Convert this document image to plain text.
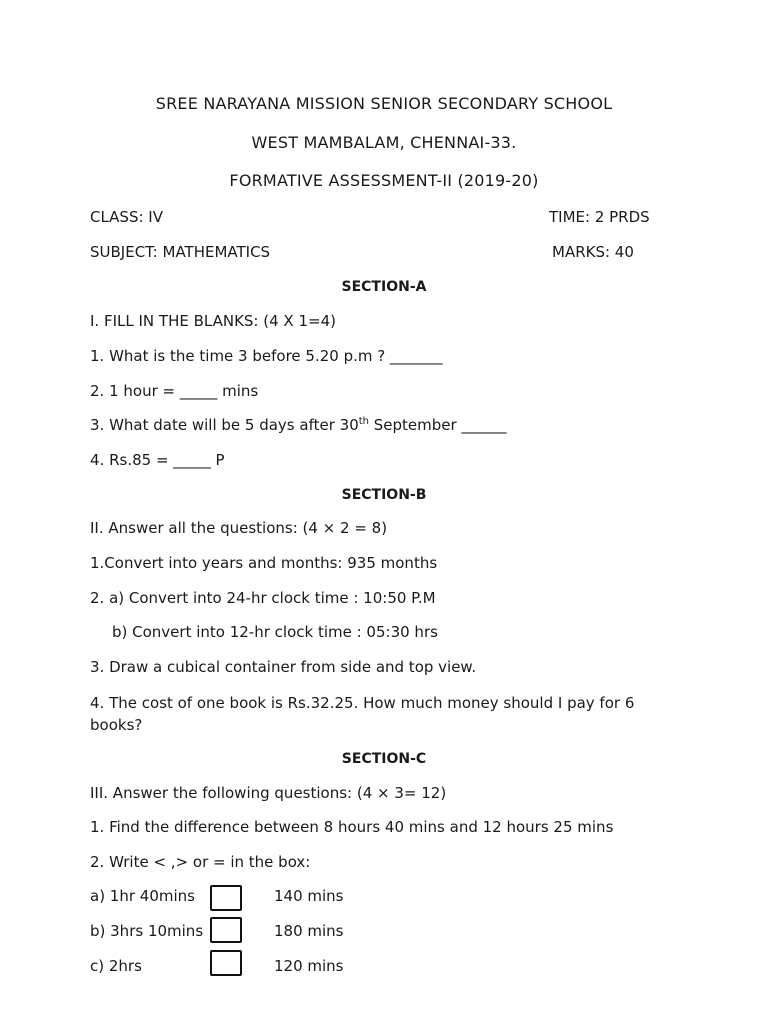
SREE NARAYANA MISSION SENIOR SECONDARY SCHOOL
WEST MAMBALAM, CHENNAI-33.
FORMATIVE ASSESSMENT-II (2019-20)
CLASS: IV	TIME: 2 PRDS
SUBJECT: MATHEMATICS	MARKS: 40
SECTION-A
I. FILL IN THE BLANKS: (4 X 1=4)
1. What is the time 3 before 5.20 p.m ? _______
2. 1 hour = _____ mins
3. What date will be 5 days after 30th September ______
4. Rs.85 = _____ P
SECTION-B
II. Answer all the questions: (4 × 2 = 8)
1.Convert into years and months: 935 months
2. a) Convert into 24-hr clock time : 10:50 P.M
b) Convert into 12-hr clock time : 05:30 hrs
3. Draw a cubical container from side and top view.
4. The cost of one book is Rs.32.25. How much money should I pay for 6 books?
SECTION-C
III. Answer the following questions: (4 × 3= 12)
1. Find the difference between 8 hours 40 mins and 12 hours 25 mins
2. Write < ,> or = in the box:
a) 1hr 40mins	140 mins
b) 3hrs 10mins	180 mins
c) 2hrs	120 mins
